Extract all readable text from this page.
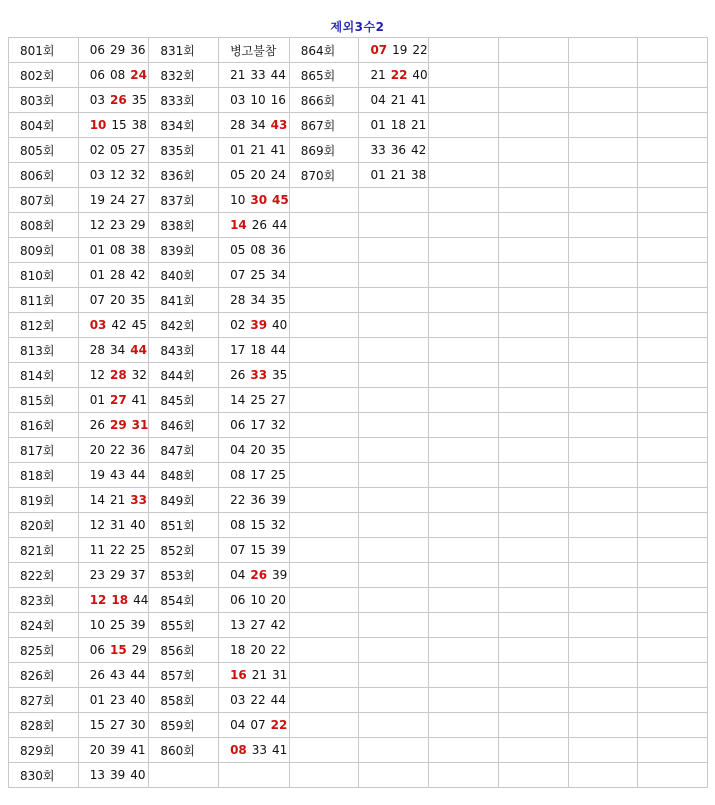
제외3수2
801회	06 29 36	831회	병고불참	864회	07 19 22				
802회	06 08 24	832회	21 33 44	865회	21 22 40				
803회	03 26 35	833회	03 10 16	866회	04 21 41				
804회	10 15 38	834회	28 34 43	867회	01 18 21				
805회	02 05 27	835회	01 21 41	869회	33 36 42				
806회	03 12 32	836회	05 20 24	870회	01 21 38				
807회	19 24 27	837회	10 30 45						
808회	12 23 29	838회	14 26 44						
809회	01 08 38	839회	05 08 36						
810회	01 28 42	840회	07 25 34						
811회	07 20 35	841회	28 34 35						
812회	03 42 45	842회	02 39 40						
813회	28 34 44	843회	17 18 44						
814회	12 28 32	844회	26 33 35						
815회	01 27 41	845회	14 25 27						
816회	26 29 31	846회	06 17 32						
817회	20 22 36	847회	04 20 35						
818회	19 43 44	848회	08 17 25						
819회	14 21 33	849회	22 36 39						
820회	12 31 40	851회	08 15 32						
821회	11 22 25	852회	07 15 39						
822회	23 29 37	853회	04 26 39						
823회	12 18 44	854회	06 10 20						
824회	10 25 39	855회	13 27 42						
825회	06 15 29	856회	18 20 22						
826회	26 43 44	857회	16 21 31						
827회	01 23 40	858회	03 22 44						
828회	15 27 30	859회	04 07 22						
829회	20 39 41	860회	08 33 41						
830회	13 39 40								
